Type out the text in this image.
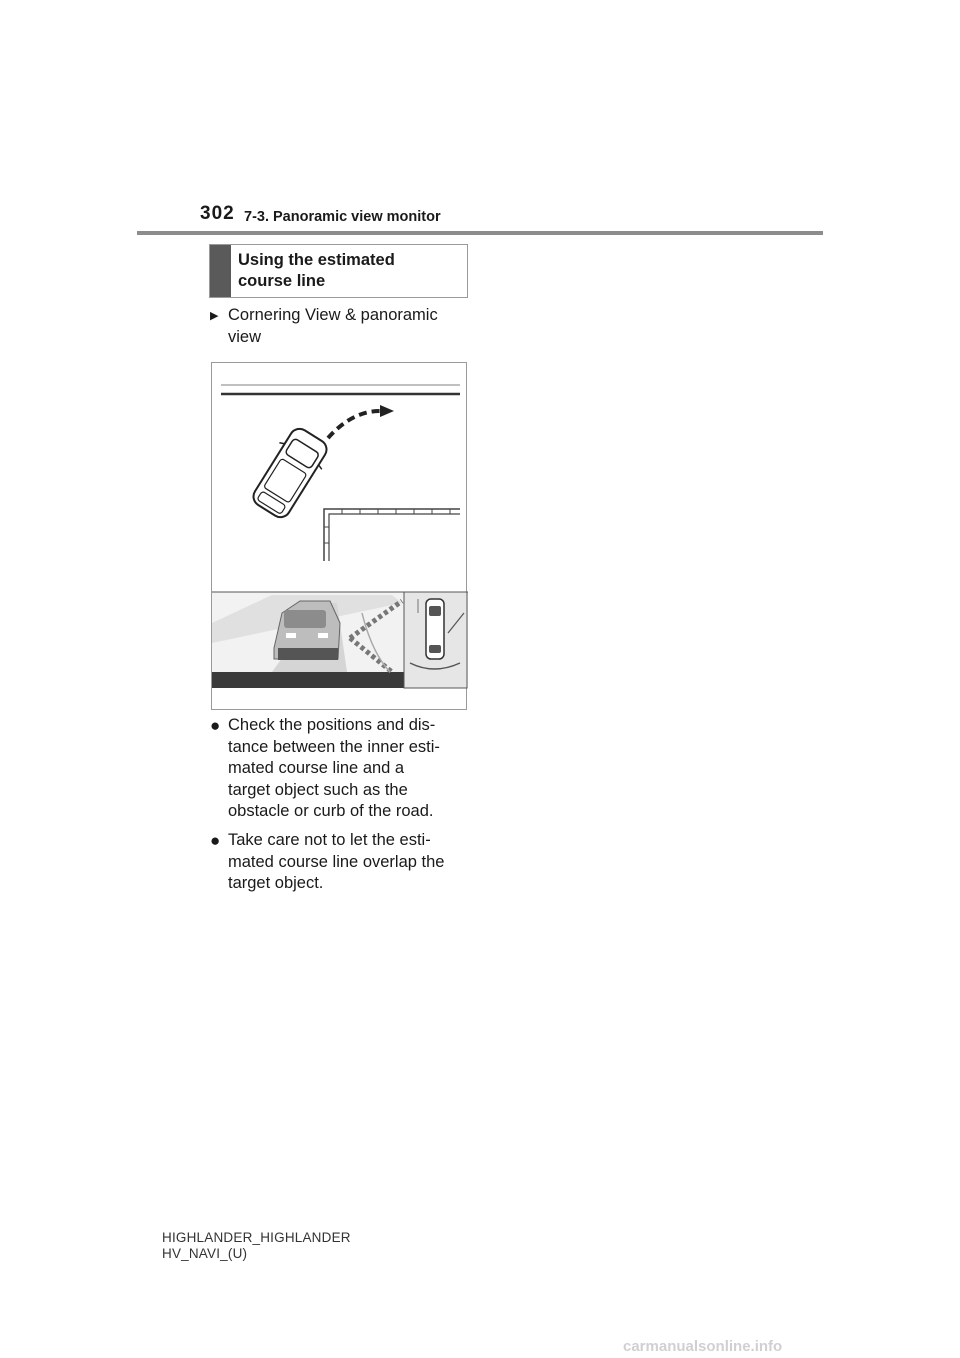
302 7-3. Panoramic view monitor
Using the estimated
course line
▶ Cornering View & panoramic
view
● Check the positions and dis-
tance between the inner esti-
mated course line and a
target object such as the
obstacle or curb of the road.
● Take care not to let the esti-
mated course line overlap the
target object.
HIGHLANDER_HIGHLANDER
HV_NAVI_(U)
carmanualsonline.info
